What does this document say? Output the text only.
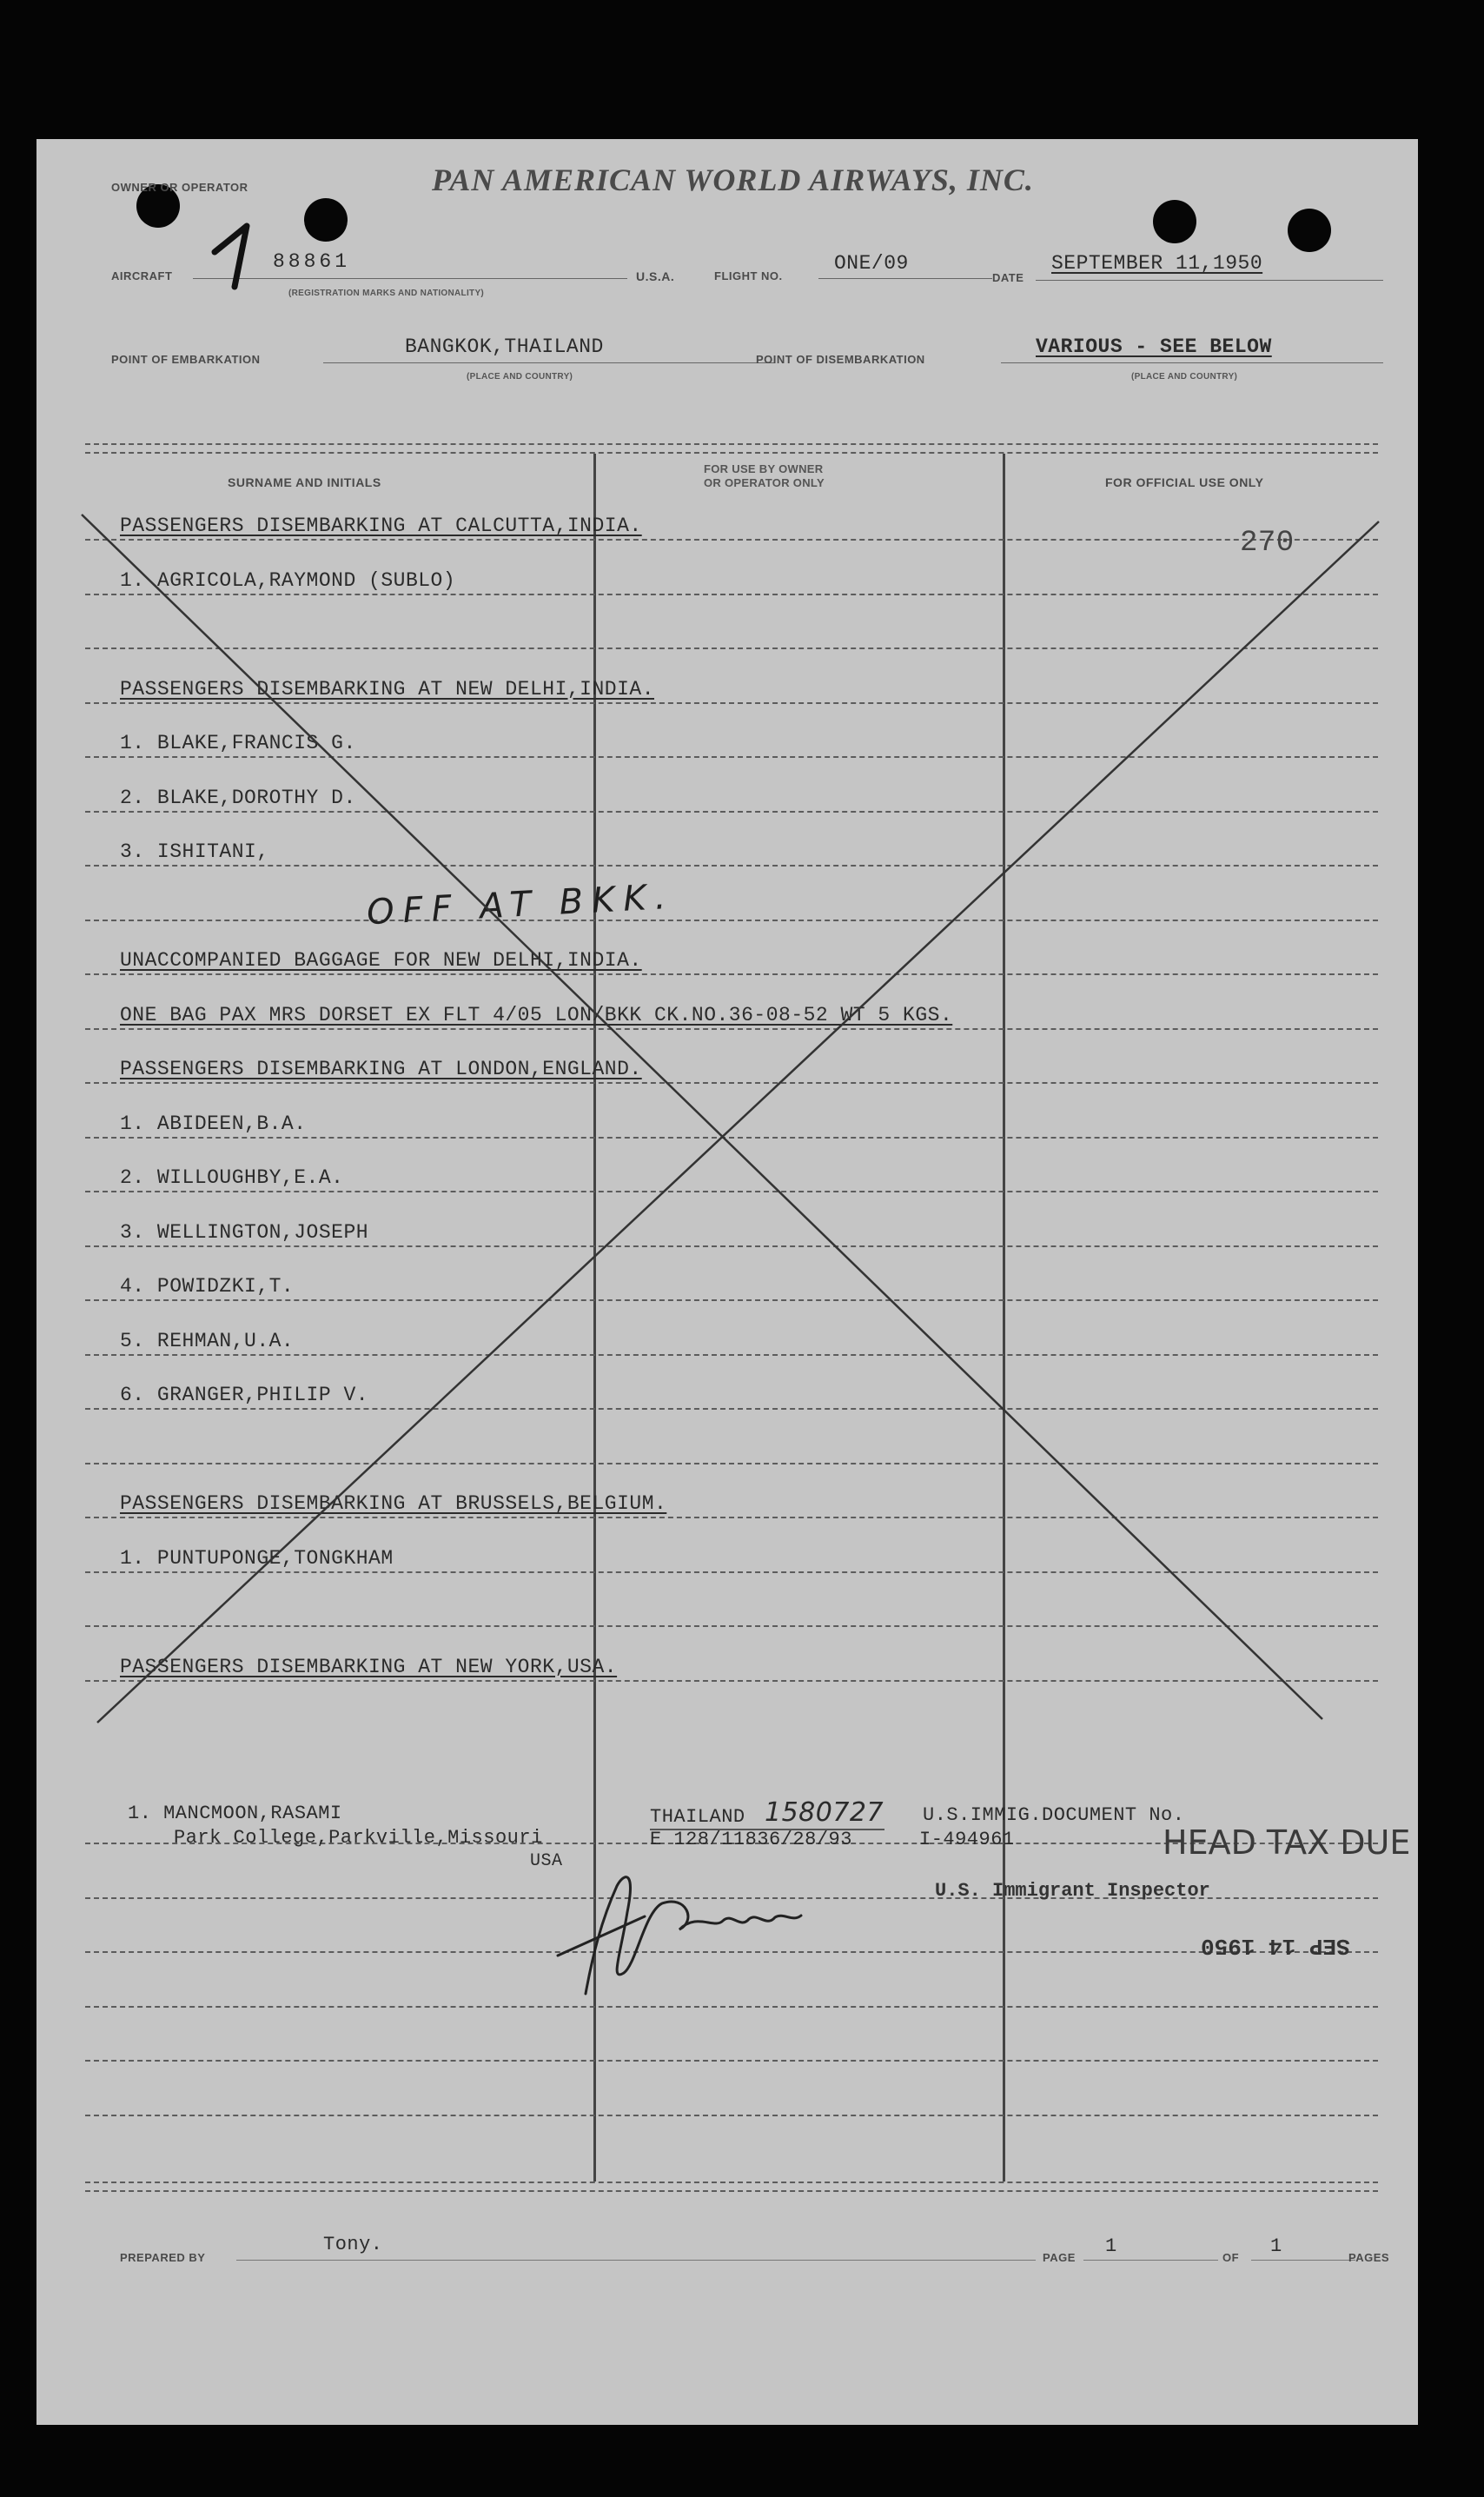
OWNER OR OPERATOR	PAN AMERICAN WORLD AIRWAYS, INC.
AIRCRAFT
88861
(REGISTRATION MARKS AND NATIONALITY)
U.S.A.	FLIGHT NO.
ONE/09
DATE
SEPTEMBER 11,1950
POINT OF EMBARKATION
BANGKOK,THAILAND
(PLACE AND COUNTRY)
POINT OF DISEMBARKATION
VARIOUS - SEE BELOW
(PLACE AND COUNTRY)
SURNAME AND INITIALS
FOR USE BY OWNER
OR OPERATOR ONLY	FOR OFFICIAL USE ONLY
PASSENGERS DISEMBARKING AT CALCUTTA,INDIA.
1. AGRICOLA,RAYMOND (SUBLO)
PASSENGERS DISEMBARKING AT NEW DELHI,INDIA.
1. BLAKE,FRANCIS G.
2. BLAKE,DOROTHY D.
3. ISHITANI,
UNACCOMPANIED BAGGAGE FOR NEW DELHI,INDIA.
ONE BAG PAX MRS DORSET EX FLT 4/05 LON/BKK CK.NO.36-08-52 WT 5 KGS.
PASSENGERS DISEMBARKING AT LONDON,ENGLAND.
1. ABIDEEN,B.A.
2. WILLOUGHBY,E.A.
3. WELLINGTON,JOSEPH
4. POWIDZKI,T.
5. REHMAN,U.A.
6. GRANGER,PHILIP V.
PASSENGERS DISEMBARKING AT BRUSSELS,BELGIUM.
1. PUNTUPONGE,TONGKHAM
PASSENGERS DISEMBARKING AT NEW YORK,USA.
270
OFF AT BKK.
1. MANCMOON,RASAMI
Park College,Parkville,Missouri
USA
THAILAND 1580727
E 128/11836/28/93
U.S.IMMIG.DOCUMENT No.
I-494961	HEAD TAX DUE
U.S. Immigrant Inspector
SEP 14 1950
PREPARED BY
Tony.
PAGE
1
OF
1
PAGES
